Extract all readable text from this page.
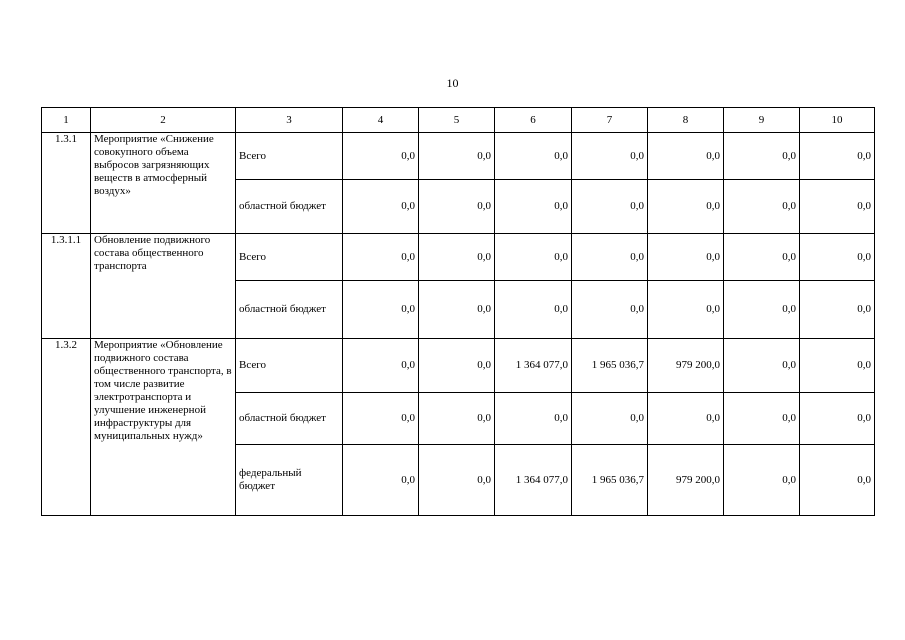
10
1	2	3	4	5	6	7	8	9	10
1.3.1	Мероприятие «Снижение совокупного объема выбросов загрязняющих веществ в атмосферный воздух»	Всего	0,0	0,0	0,0	0,0	0,0	0,0	0,0
		областной бюджет	0,0	0,0	0,0	0,0	0,0	0,0	0,0
1.3.1.1	Обновление подвижного состава общественного транспорта	Всего	0,0	0,0	0,0	0,0	0,0	0,0	0,0
		областной бюджет	0,0	0,0	0,0	0,0	0,0	0,0	0,0
1.3.2	Мероприятие «Обновление подвижного состава общественного транспорта, в том числе развитие электротранспорта и улучшение инженерной инфраструктуры для муниципальных нужд»	Всего	0,0	0,0	1 364 077,0	1 965 036,7	979 200,0	0,0	0,0
		областной бюджет	0,0	0,0	0,0	0,0	0,0	0,0	0,0
		федеральный бюджет	0,0	0,0	1 364 077,0	1 965 036,7	979 200,0	0,0	0,0
